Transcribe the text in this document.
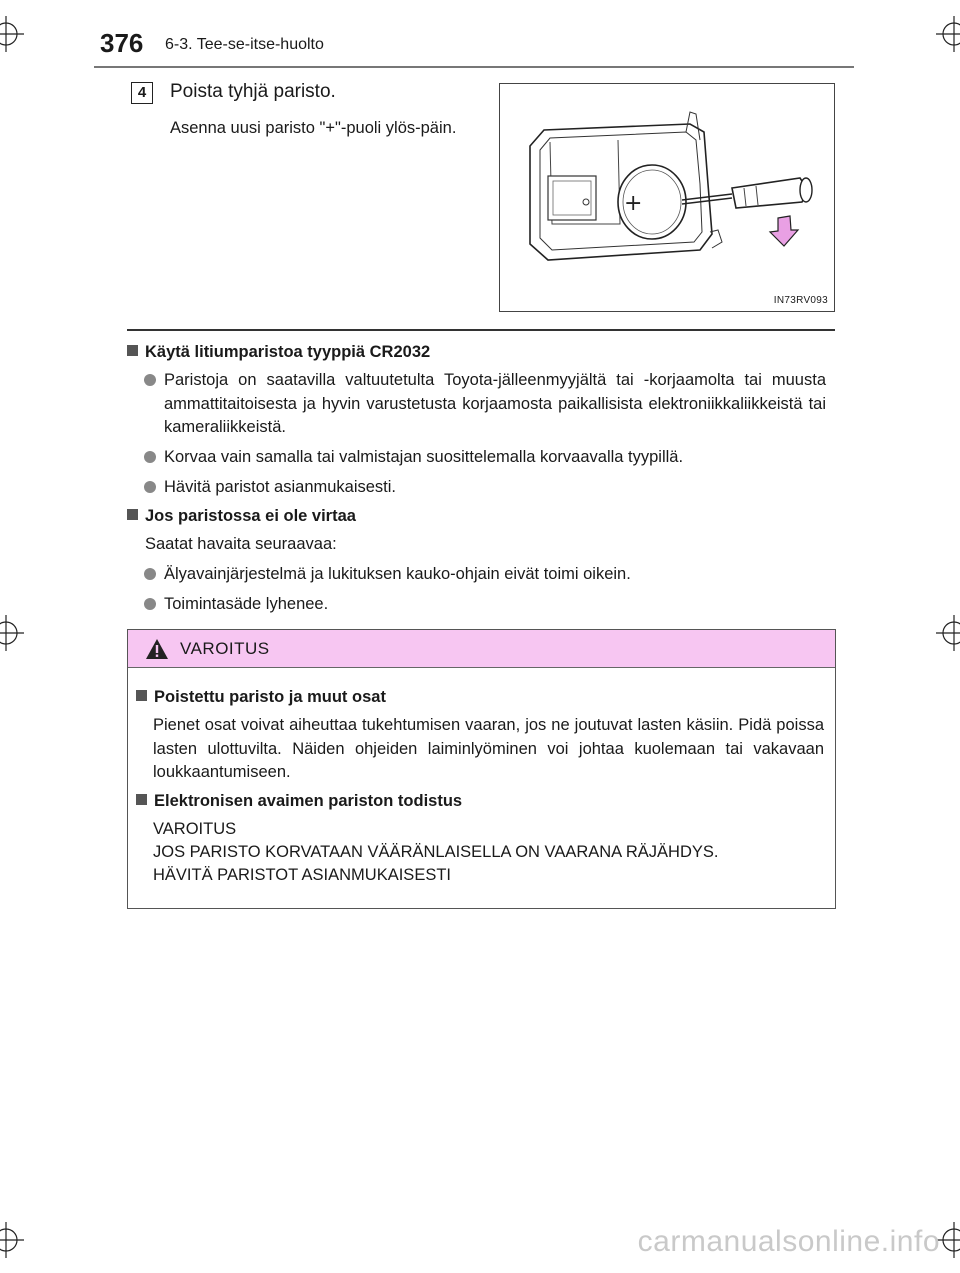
376 6-3. Tee-se-itse-huolto
4	Poista tyhjä paristo.
Asenna uusi paristo "+"-puoli ylös-päin.
+
IN73RV093
Käytä litiumparistoa tyyppiä CR2032
Paristoja on saatavilla valtuutetulta Toyota-jälleenmyyjältä tai -korjaamolta tai muusta ammattitaitoisesta ja hyvin varustetusta korjaamosta paikallisista elektroniikkaliikkeistä tai kameraliikkeistä.
Korvaa vain samalla tai valmistajan suosittelemalla korvaavalla tyypillä.
Hävitä paristot asianmukaisesti.
Jos paristossa ei ole virtaa
Saatat havaita seuraavaa:
Älyavainjärjestelmä ja lukituksen kauko-ohjain eivät toimi oikein.
Toimintasäde lyhenee.
VAROITUS
Poistettu paristo ja muut osat
Pienet osat voivat aiheuttaa tukehtumisen vaaran, jos ne joutuvat lasten käsiin. Pidä poissa lasten ulottuvilta. Näiden ohjeiden laiminlyöminen voi johtaa kuolemaan tai vakavaan loukkaantumiseen.
Elektronisen avaimen pariston todistus
VAROITUS
JOS PARISTO KORVATAAN VÄÄRÄNLAISELLA ON VAARANA RÄJÄHDYS.
HÄVITÄ PARISTOT ASIANMUKAISESTI
carmanualsonline.info
